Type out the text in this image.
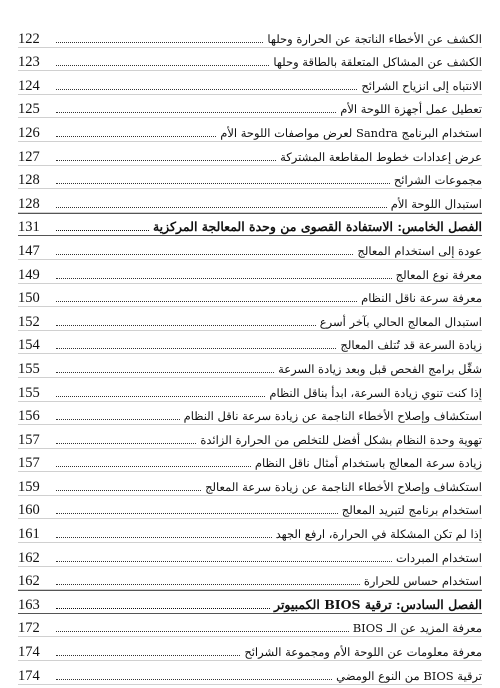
الكشف عن الأخطاء الناتجة عن الحرارة وحلها
122
الكشف عن المشاكل المتعلقة بالطاقة وحلها
123
الانتباه إلى انزياح الشرائح
124
تعطيل عمل أجهزة اللوحة الأم
125
استخدام البرنامج Sandra لعرض مواصفات اللوحة الأم
126
عرض إعدادات خطوط المقاطعة المشتركة
127
مجموعات الشرائح
128
استبدال اللوحة الأم
128
الفصل الخامس: الاستفادة القصوى من وحدة المعالجة المركزية
131
عودة إلى استخدام المعالج
147
معرفة نوع المعالج
149
معرفة سرعة ناقل النظام
150
استبدال المعالج الحالي بآخر أسرع
152
زيادة السرعة قد تُتلف المعالج
154
شغِّل برامج الفحص قبل وبعد زيادة السرعة
155
إذا كنت تنوي زيادة السرعة، ابدأ بناقل النظام
155
استكشاف وإصلاح الأخطاء الناجمة عن زيادة سرعة ناقل النظام
156
تهوية وحدة النظام بشكل أفضل للتخلص من الحرارة الزائدة
157
زيادة سرعة المعالج باستخدام أمثال ناقل النظام
157
استكشاف وإصلاح الأخطاء الناجمة عن زيادة سرعة المعالج
159
استخدام برنامج لتبريد المعالج
160
إذا لم تكن المشكلة في الحرارة، ارفع الجهد
161
استخدام المبردات
162
استخدام حساس للحرارة
162
الفصل السادس: ترقية BIOS الكمبيوتر
163
معرفة المزيد عن الـ BIOS
172
معرفة معلومات عن اللوحة الأم ومجموعة الشرائح
174
ترقية BIOS من النوع الومضي
174
